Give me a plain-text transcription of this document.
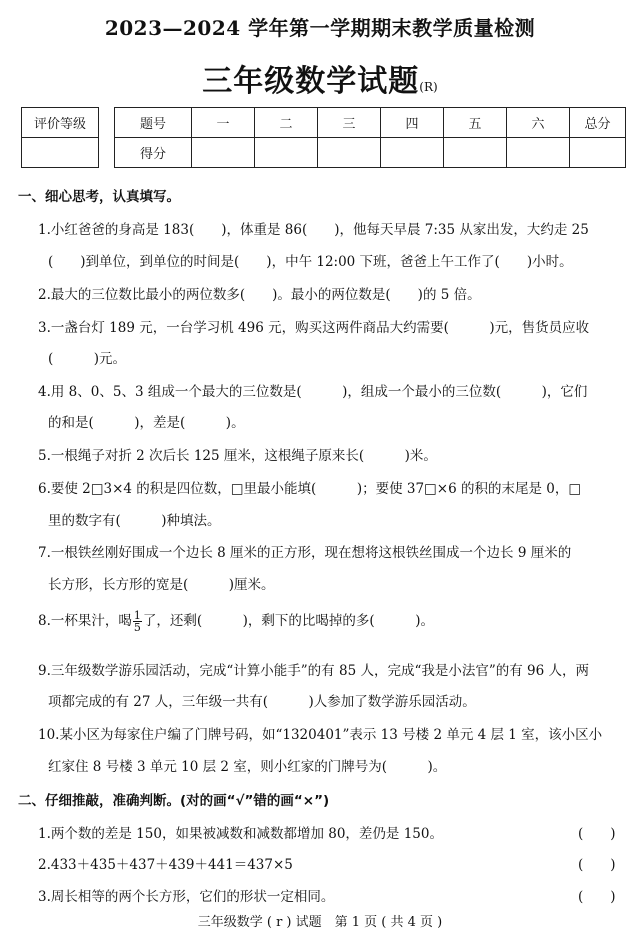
2023—2024 学年第一学期期末教学质量检测
三年级数学试题(R)
评价等级	题号	一	二	三	四	五	六	总分
得分							
一、细心思考，认真填写。
1.小红爸爸的身高是 183(　　)，体重是 86(　　)，他每天早晨 7:35 从家出发，大约走 25
(　　)到单位，到单位的时间是(　　)，中午 12:00 下班，爸爸上午工作了(　　)小时。
2.最大的三位数比最小的两位数多(　　)。最小的两位数是(　　)的 5 倍。
3.一盏台灯 189 元，一台学习机 496 元，购买这两件商品大约需要(　　　)元，售货员应收
(　　　)元。
4.用 8、0、5、3 组成一个最大的三位数是(　　　)，组成一个最小的三位数(　　　)，它们
的和是(　　　)，差是(　　　)。
5.一根绳子对折 2 次后长 125 厘米，这根绳子原来长(　　　)米。
6.要使 2□3×4 的积是四位数，□里最小能填(　　　)；要使 37□×6 的积的末尾是 0，□
里的数字有(　　　)种填法。
7.一根铁丝刚好围成一个边长 8 厘米的正方形，现在想将这根铁丝围成一个边长 9 厘米的
长方形，长方形的宽是(　　　)厘米。
8.一杯果汁，喝 $\frac{1}{5}$ 了，还剩(　　　)，剩下的比喝掉的多(　　　)。
9.三年级数学游乐园活动，完成“计算小能手”的有 85 人，完成“我是小法官”的有 96 人，两
项都完成的有 27 人，三年级一共有(　　　)人参加了数学游乐园活动。
10.某小区为每家住户编了门牌号码，如“1320401”表示 13 号楼 2 单元 4 层 1 室，该小区小
红家住 8 号楼 3 单元 10 层 2 室，则小红家的门牌号为(　　　)。
二、仔细推敲，准确判断。(对的画“√”错的画“×”)
1.两个数的差是 150，如果被减数和减数都增加 80，差仍是 150。	(　　)
2.433＋435＋437＋439＋441＝437×5	(　　)
3.周长相等的两个长方形，它们的形状一定相同。	(　　)
三年级数学 ( r ) 试题　第 1 页 ( 共 4 页 )
